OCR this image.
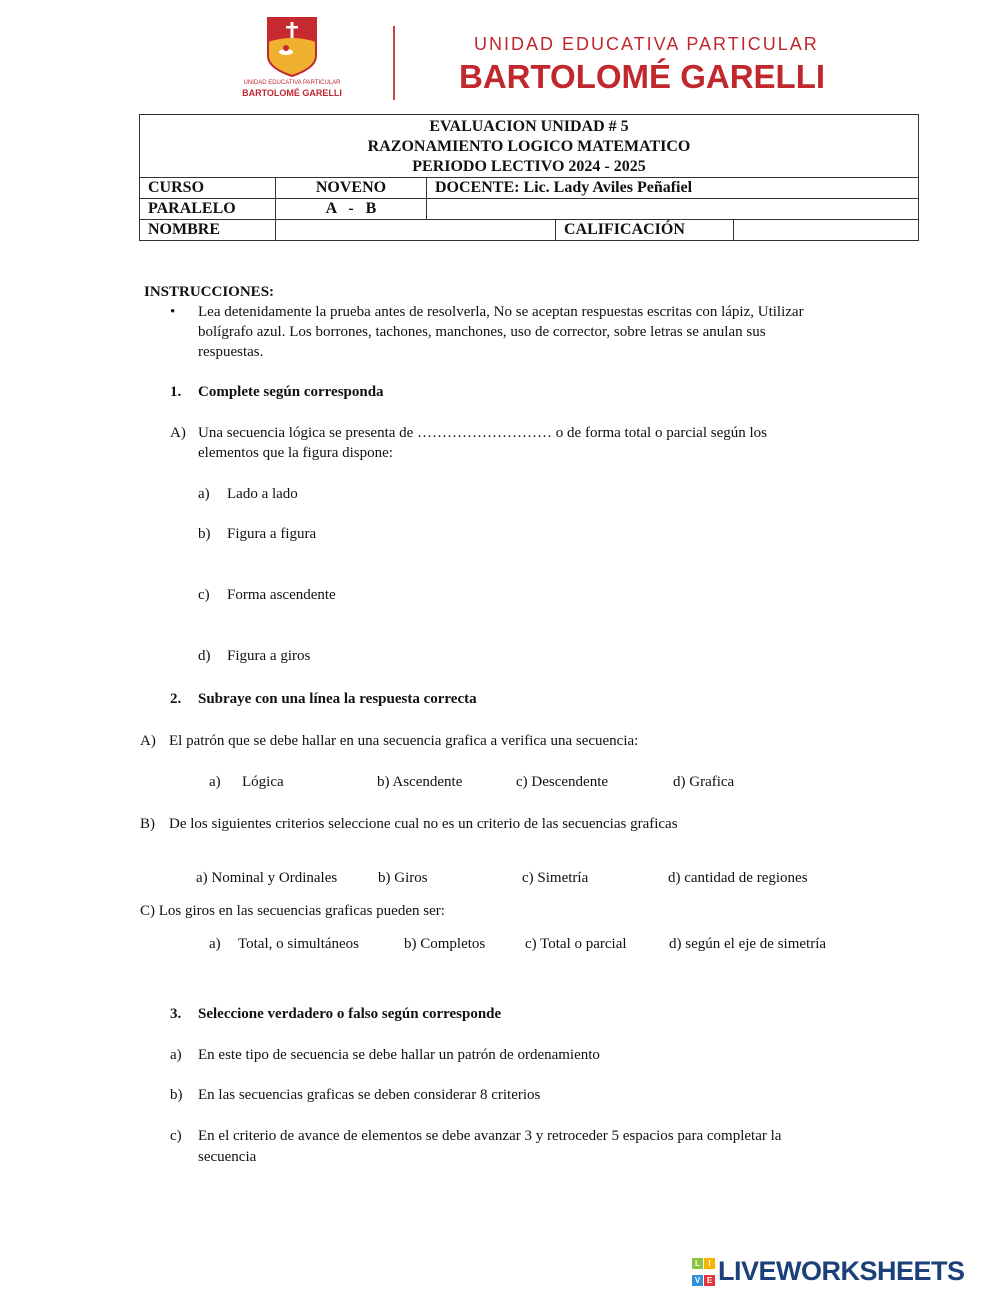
UNIDAD EDUCATIVA PARTICULAR
BARTOLOMÉ GARELLI
UNIDAD EDUCATIVA PARTICULAR
BARTOLOMÉ GARELLI
EVALUACION UNIDAD # 5
RAZONAMIENTO LOGICO MATEMATICO
PERIODO LECTIVO 2024 - 2025				

CURSO	NOVENO	DOCENTE: Lic. Lady Aviles Peñafiel		
PARALELO	A   -   B			
NOMBRE			CALIFICACIÓN	
INSTRUCCIONES:
• Lea detenidamente la prueba antes de resolverla, No se aceptan respuestas escritas con lápiz, Utilizar
bolígrafo azul. Los borrones, tachones, manchones, uso de corrector, sobre letras se anulan sus
respuestas.
1. Complete según corresponda
A) Una secuencia lógica se presenta de ……………………… o de forma total o parcial según los
elementos que la figura dispone:
a) Lado a lado
b) Figura a figura
c) Forma ascendente
d) Figura a giros
2. Subraye con una línea la respuesta correcta
A) El patrón que se debe hallar en una secuencia grafica a verifica una secuencia:
a) Lógica	b) Ascendente	c) Descendente	d) Grafica
B) De los siguientes criterios seleccione cual no es un criterio de las secuencias graficas
a) Nominal y Ordinales	b) Giros	c) Simetría	d) cantidad de regiones
C) Los giros en las secuencias graficas pueden ser:
a) Total, o simultáneos	b) Completos	c) Total o parcial	d) según el eje de simetría
3. Seleccione verdadero o falso según corresponde
a) En este tipo de secuencia se debe hallar un patrón de ordenamiento
b) En las secuencias graficas se deben considerar 8 criterios
c) En el criterio de avance de elementos se debe avanzar 3 y retroceder 5 espacios para completar la
secuencia
L IV E LIVEWORKSHEETS
